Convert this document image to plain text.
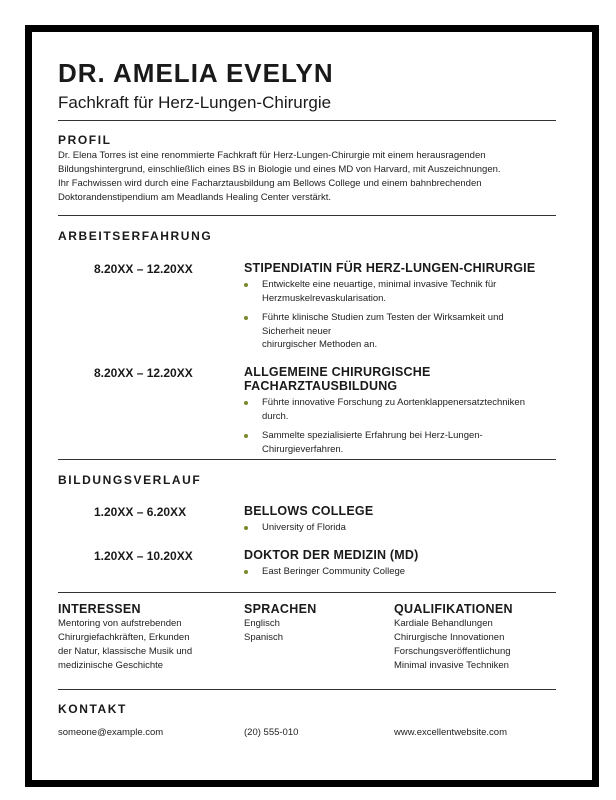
DR. AMELIA EVELYN
Fachkraft für Herz-Lungen-Chirurgie
PROFIL
Dr. Elena Torres ist eine renommierte Fachkraft für Herz-Lungen-Chirurgie mit einem herausragenden
Bildungshintergrund, einschließlich eines BS in Biologie und eines MD von Harvard, mit Auszeichnungen.
Ihr Fachwissen wird durch eine Facharztausbildung am Bellows College und einem bahnbrechenden
Doktorandenstipendium am Meadlands Healing Center verstärkt.
ARBEITSERFAHRUNG
8.20XX – 12.20XX	STIPENDIATIN FÜR HERZ-LUNGEN-CHIRURGIE
Entwickelte eine neuartige, minimal invasive Technik für
Herzmuskelrevaskularisation.
Führte klinische Studien zum Testen der Wirksamkeit und
Sicherheit neuer
chirurgischer Methoden an.
8.20XX – 12.20XX	ALLGEMEINE CHIRURGISCHE FACHARZTAUSBILDUNG
Führte innovative Forschung zu Aortenklappenersatztechniken
durch.
Sammelte spezialisierte Erfahrung bei Herz-Lungen-
Chirurgieverfahren.
BILDUNGSVERLAUF
1.20XX – 6.20XX	BELLOWS COLLEGE
University of Florida
1.20XX – 10.20XX	DOKTOR DER MEDIZIN (MD)
East Beringer Community College
INTERESSEN
Mentoring von aufstrebenden
Chirurgiefachkräften, Erkunden
der Natur, klassische Musik und
medizinische Geschichte
SPRACHEN
Englisch
Spanisch
QUALIFIKATIONEN
Kardiale Behandlungen
Chirurgische Innovationen
Forschungsveröffentlichung
Minimal invasive Techniken
KONTAKT
someone@example.com	(20) 555-010	www.excellentwebsite.com
